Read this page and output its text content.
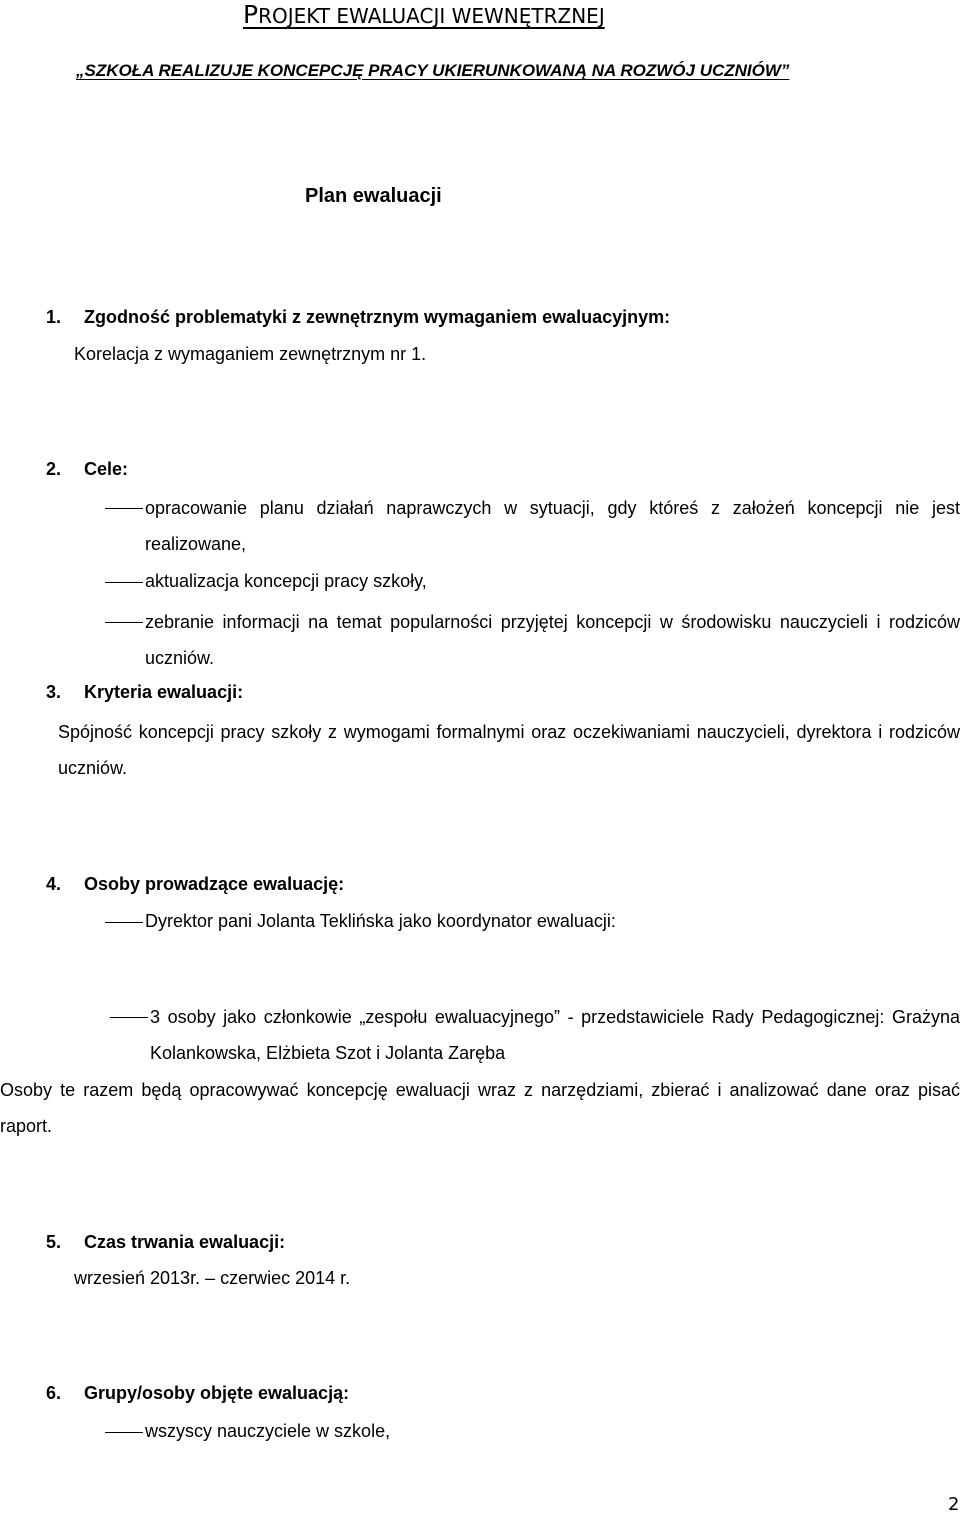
PROJEKT EWALUACJI WEWNĘTRZNEJ
„SZKOŁA REALIZUJE KONCEPCJĘ PRACY UKIERUNKOWANĄ NA ROZWÓJ UCZNIÓW”
Plan ewaluacji
1. Zgodność problematyki z zewnętrznym wymaganiem ewaluacyjnym:
Korelacja z wymaganiem zewnętrznym nr 1.
2. Cele:
opracowanie planu działań naprawczych w sytuacji, gdy któreś z założeń koncepcji nie jest realizowane,
aktualizacja koncepcji pracy szkoły,
zebranie informacji na temat popularności przyjętej koncepcji w środowisku nauczycieli i rodziców uczniów.
3. Kryteria ewaluacji:
Spójność koncepcji pracy szkoły z wymogami formalnymi oraz oczekiwaniami nauczycieli, dyrektora i rodziców uczniów.
4. Osoby prowadzące ewaluację:
Dyrektor pani Jolanta Teklińska jako koordynator ewaluacji:
3 osoby jako członkowie „zespołu ewaluacyjnego” - przedstawiciele Rady Pedagogicznej: Grażyna Kolankowska, Elżbieta Szot i Jolanta Zaręba
Osoby te razem będą opracowywać koncepcję ewaluacji wraz z narzędziami, zbierać i analizować dane oraz pisać raport.
5. Czas trwania ewaluacji:
wrzesień 2013r. – czerwiec 2014 r.
6. Grupy/osoby objęte ewaluacją:
wszyscy nauczyciele w szkole,
2
